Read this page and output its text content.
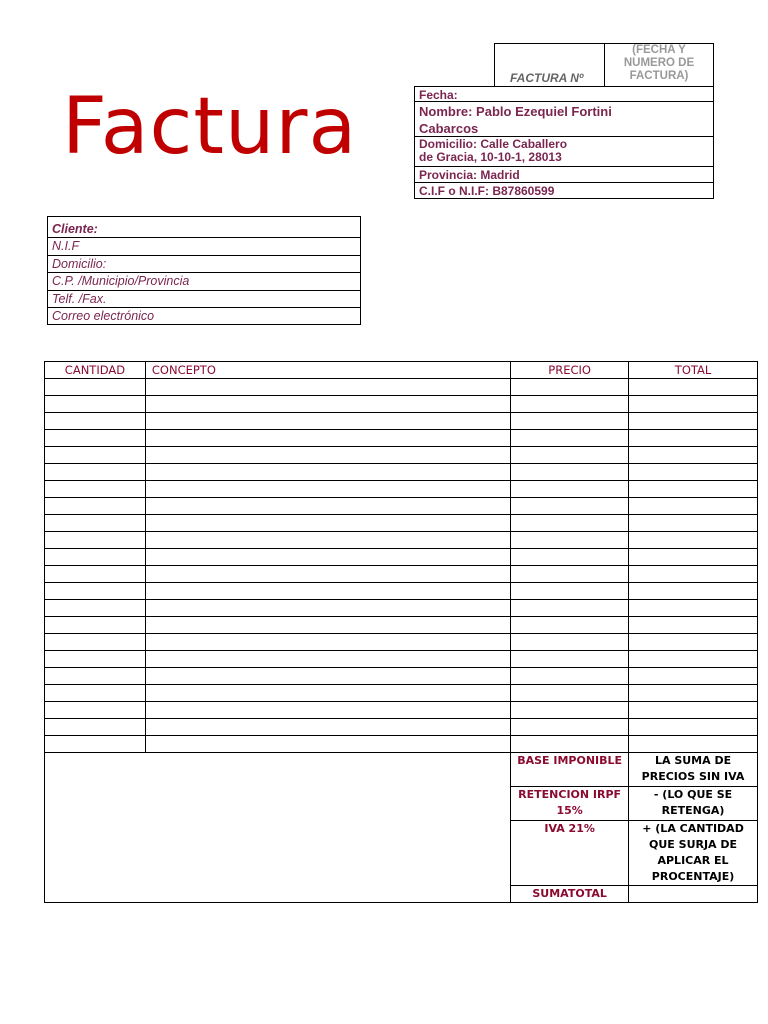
Factura
FACTURA Nº
(FECHA Y NUMERO DE FACTURA)
Fecha:
Nombre: Pablo Ezequiel Fortini
Cabarcos
Domicilio: Calle Caballero
de Gracia, 10-10-1, 28013
Provincia: Madrid
C.I.F o N.I.F: B87860599
Cliente:
N.I.F
Domicilio:
C.P. /Municipio/Provincia
Telf. /Fax.
Correo electrónico
CANTIDAD	CONCEPTO	PRECIO	TOTAL

		BASE IMPONIBLE	LA SUMA DE PRECIOS SIN IVA
		RETENCION IRPF 15%	- (LO QUE SE RETENGA)
		IVA 21%	+ (LA CANTIDAD QUE SURJA DE APLICAR EL PROCENTAJE)
		SUMATOTAL	
